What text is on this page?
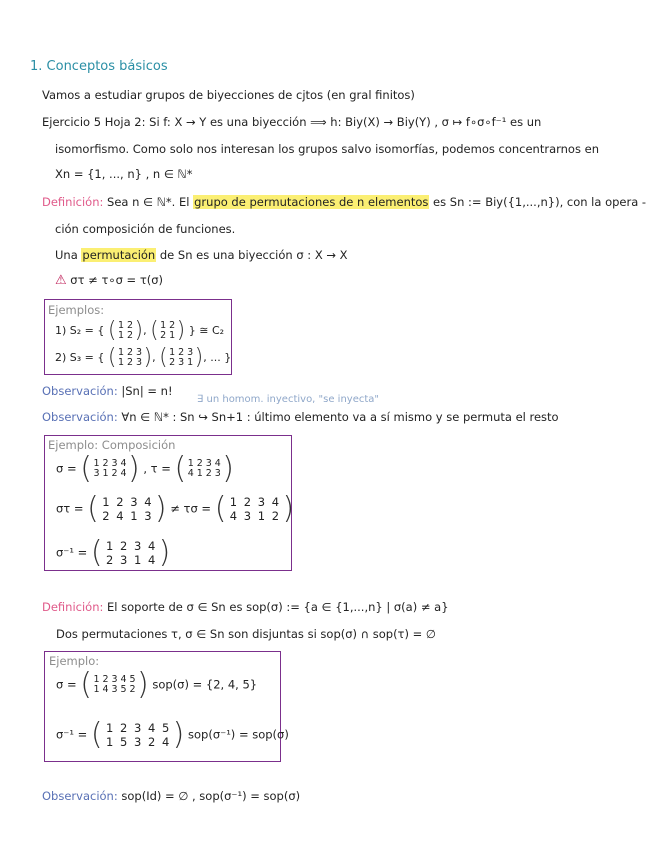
1. Conceptos básicos
Vamos a estudiar grupos de biyecciones de cjtos (en gral finitos)
Ejercicio 5 Hoja 2: Si f: X → Y es una biyección ⟹ h: Biy(X) → Biy(Y) , σ ↦ f∘σ∘f⁻¹ es un
isomorfismo. Como solo nos interesan los grupos salvo isomorfías, podemos concentrarnos en
Xn = {1, ..., n} , n ∈ ℕ*
Definición: Sea n ∈ ℕ*. El grupo de permutaciones de n elementos es Sn := Biy({1,...,n}), con la opera -
ción composición de funciones.
Una permutación de Sn es una biyección σ : X → X
⚠ στ ≠ τ∘σ = τ(σ)
Ejemplos:
1) S₂ = { ( 1 2
1 2 ), ( 1 2
2 1 ) } ≅ C₂
2) S₃ = { ( 1 2 3
1 2 3 ), ( 1 2 3
2 3 1 ), ... }
Observación: |Sn| = n!
∃ un homom. inyectivo, "se inyecta"
Observación: ∀n ∈ ℕ* : Sn ↪ Sn+1 : último elemento va a sí mismo y se permuta el resto
Ejemplo: Composición
σ = ( 1 2 3 4
3 1 2 4 ) , τ = ( 1 2 3 4
4 1 2 3 )
στ = ( 1 2 3 4
2 4 1 3 ) ≠ τσ = ( 1 2 3 4
4 3 1 2 )
σ⁻¹ = ( 1 2 3 4
2 3 1 4 )
Definición: El soporte de σ ∈ Sn es sop(σ) := {a ∈ {1,...,n} | σ(a) ≠ a}
Dos permutaciones τ, σ ∈ Sn son disjuntas si sop(σ) ∩ sop(τ) = ∅
Ejemplo:
σ = ( 1 2 3 4 5
1 4 3 5 2 ) sop(σ) = {2, 4, 5}
σ⁻¹ = ( 1 2 3 4 5
1 5 3 2 4 ) sop(σ⁻¹) = sop(σ)
Observación: sop(Id) = ∅ , sop(σ⁻¹) = sop(σ)
